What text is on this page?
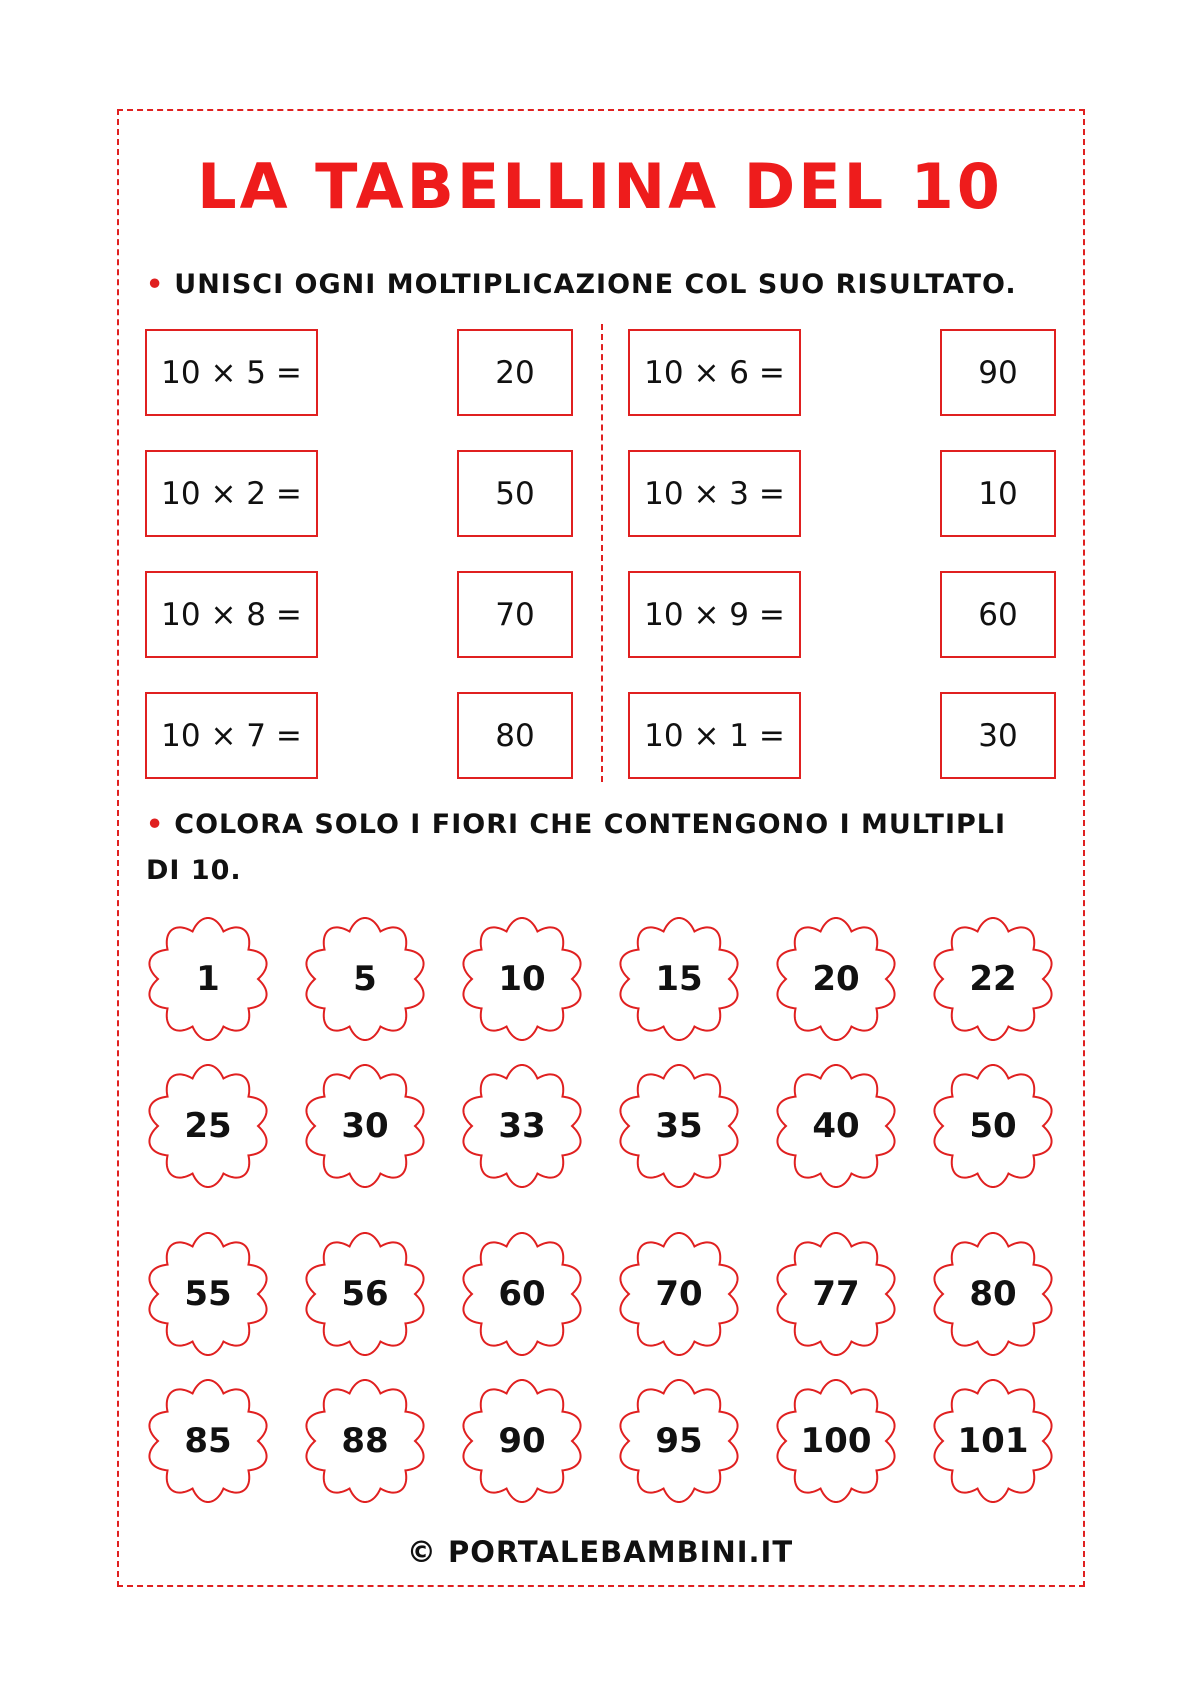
LA TABELLINA DEL 10
• UNISCI OGNI MOLTIPLICAZIONE COL SUO RISULTATO.
10 × 5 =	20
10 × 2 =	50
10 × 8 =	70
10 × 7 =	80
10 × 6 =	90
10 × 3 =	10
10 × 9 =	60
10 × 1 =	30
• COLORA SOLO I FIORI CHE CONTENGONO I MULTIPLI
DI 10.
1	5	10	15	20	22
25	30	33	35	40	50
55	56	60	70	77	80
85	88	90	95	100	101
© PORTALEBAMBINI.IT
